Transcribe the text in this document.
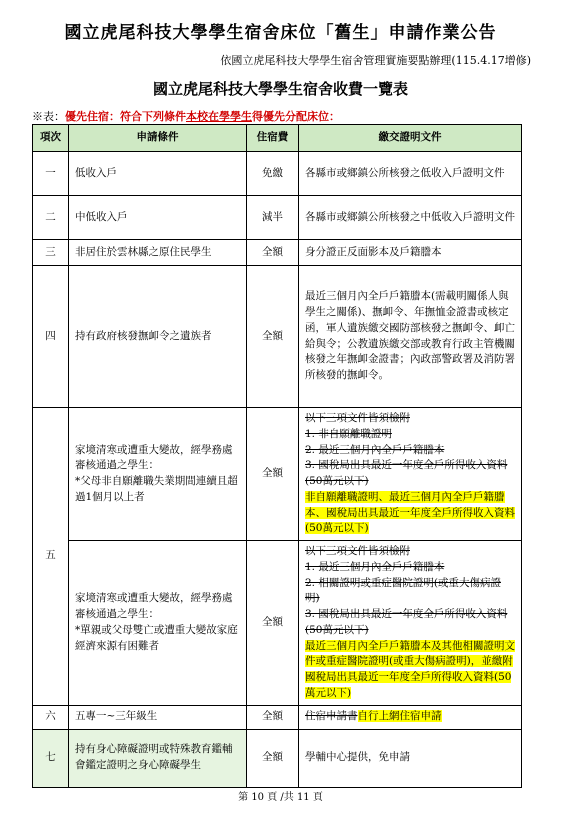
國立虎尾科技大學學生宿舍床位「舊生」申請作業公告
依國立虎尾科技大學學生宿舍管理實施要點辦理(115.4.17增修)
國立虎尾科技大學學生宿舍收費一覽表
※表：優先住宿：符合下列條件本校在學學生得優先分配床位：
項次	申請條件	住宿費	繳交證明文件
一	低收入戶	免繳	各縣市或鄉鎮公所核發之低收入戶證明文件
二	中低收入戶	減半	各縣市或鄉鎮公所核發之中低收入戶證明文件
三	非居住於雲林縣之原住民學生	全額	身分證正反面影本及戶籍謄本
四	持有政府核發撫卹令之遺族者	全額	最近三個月內全戶戶籍謄本(需載明關係人與學生之關係)、撫卹令、年撫恤金證書或核定函，軍人遺族繳交國防部核發之撫卹令、卹亡給與令；公教遺族繳交部或教育行政主管機關核發之年撫卹金證書；內政部警政署及消防署所核發的撫卹令。
五	家境清寒或遭重大變故，經學務處審核通過之學生：
*父母非自願離職失業期間連續且超過1個月以上者	全額	以下三項文件皆須檢附
1. 非自願離職證明
2. 最近三個月內全戶戶籍謄本
3. 國稅局出具最近一年度全戶所得收入資料(50萬元以下)
非自願離職證明、最近三個月內全戶戶籍謄本、國稅局出具最近一年度全戶所得收入資料(50萬元以下)

	家境清寒或遭重大變故，經學務處審核通過之學生：
*單親或父母雙亡或遭重大變故家庭經濟來源有困難者	全額	以下三項文件皆須檢附
1. 最近三個月內全戶戶籍謄本
2. 相關證明或重症醫院證明(或重大傷病證明)
3. 國稅局出具最近一年度全戶所得收入資料(50萬元以下)
最近三個月內全戶戶籍謄本及其他相關證明文件或重症醫院證明(或重大傷病證明)，並繳附國稅局出具最近一年度全戶所得收入資料(50萬元以下)
六	五專一~三年級生	全額	住宿申請書自行上網住宿申請
七	持有身心障礙證明或特殊教育鑑輔會鑑定證明之身心障礙學生	全額	學輔中心提供，免申請
第 10 頁 /共 11 頁
